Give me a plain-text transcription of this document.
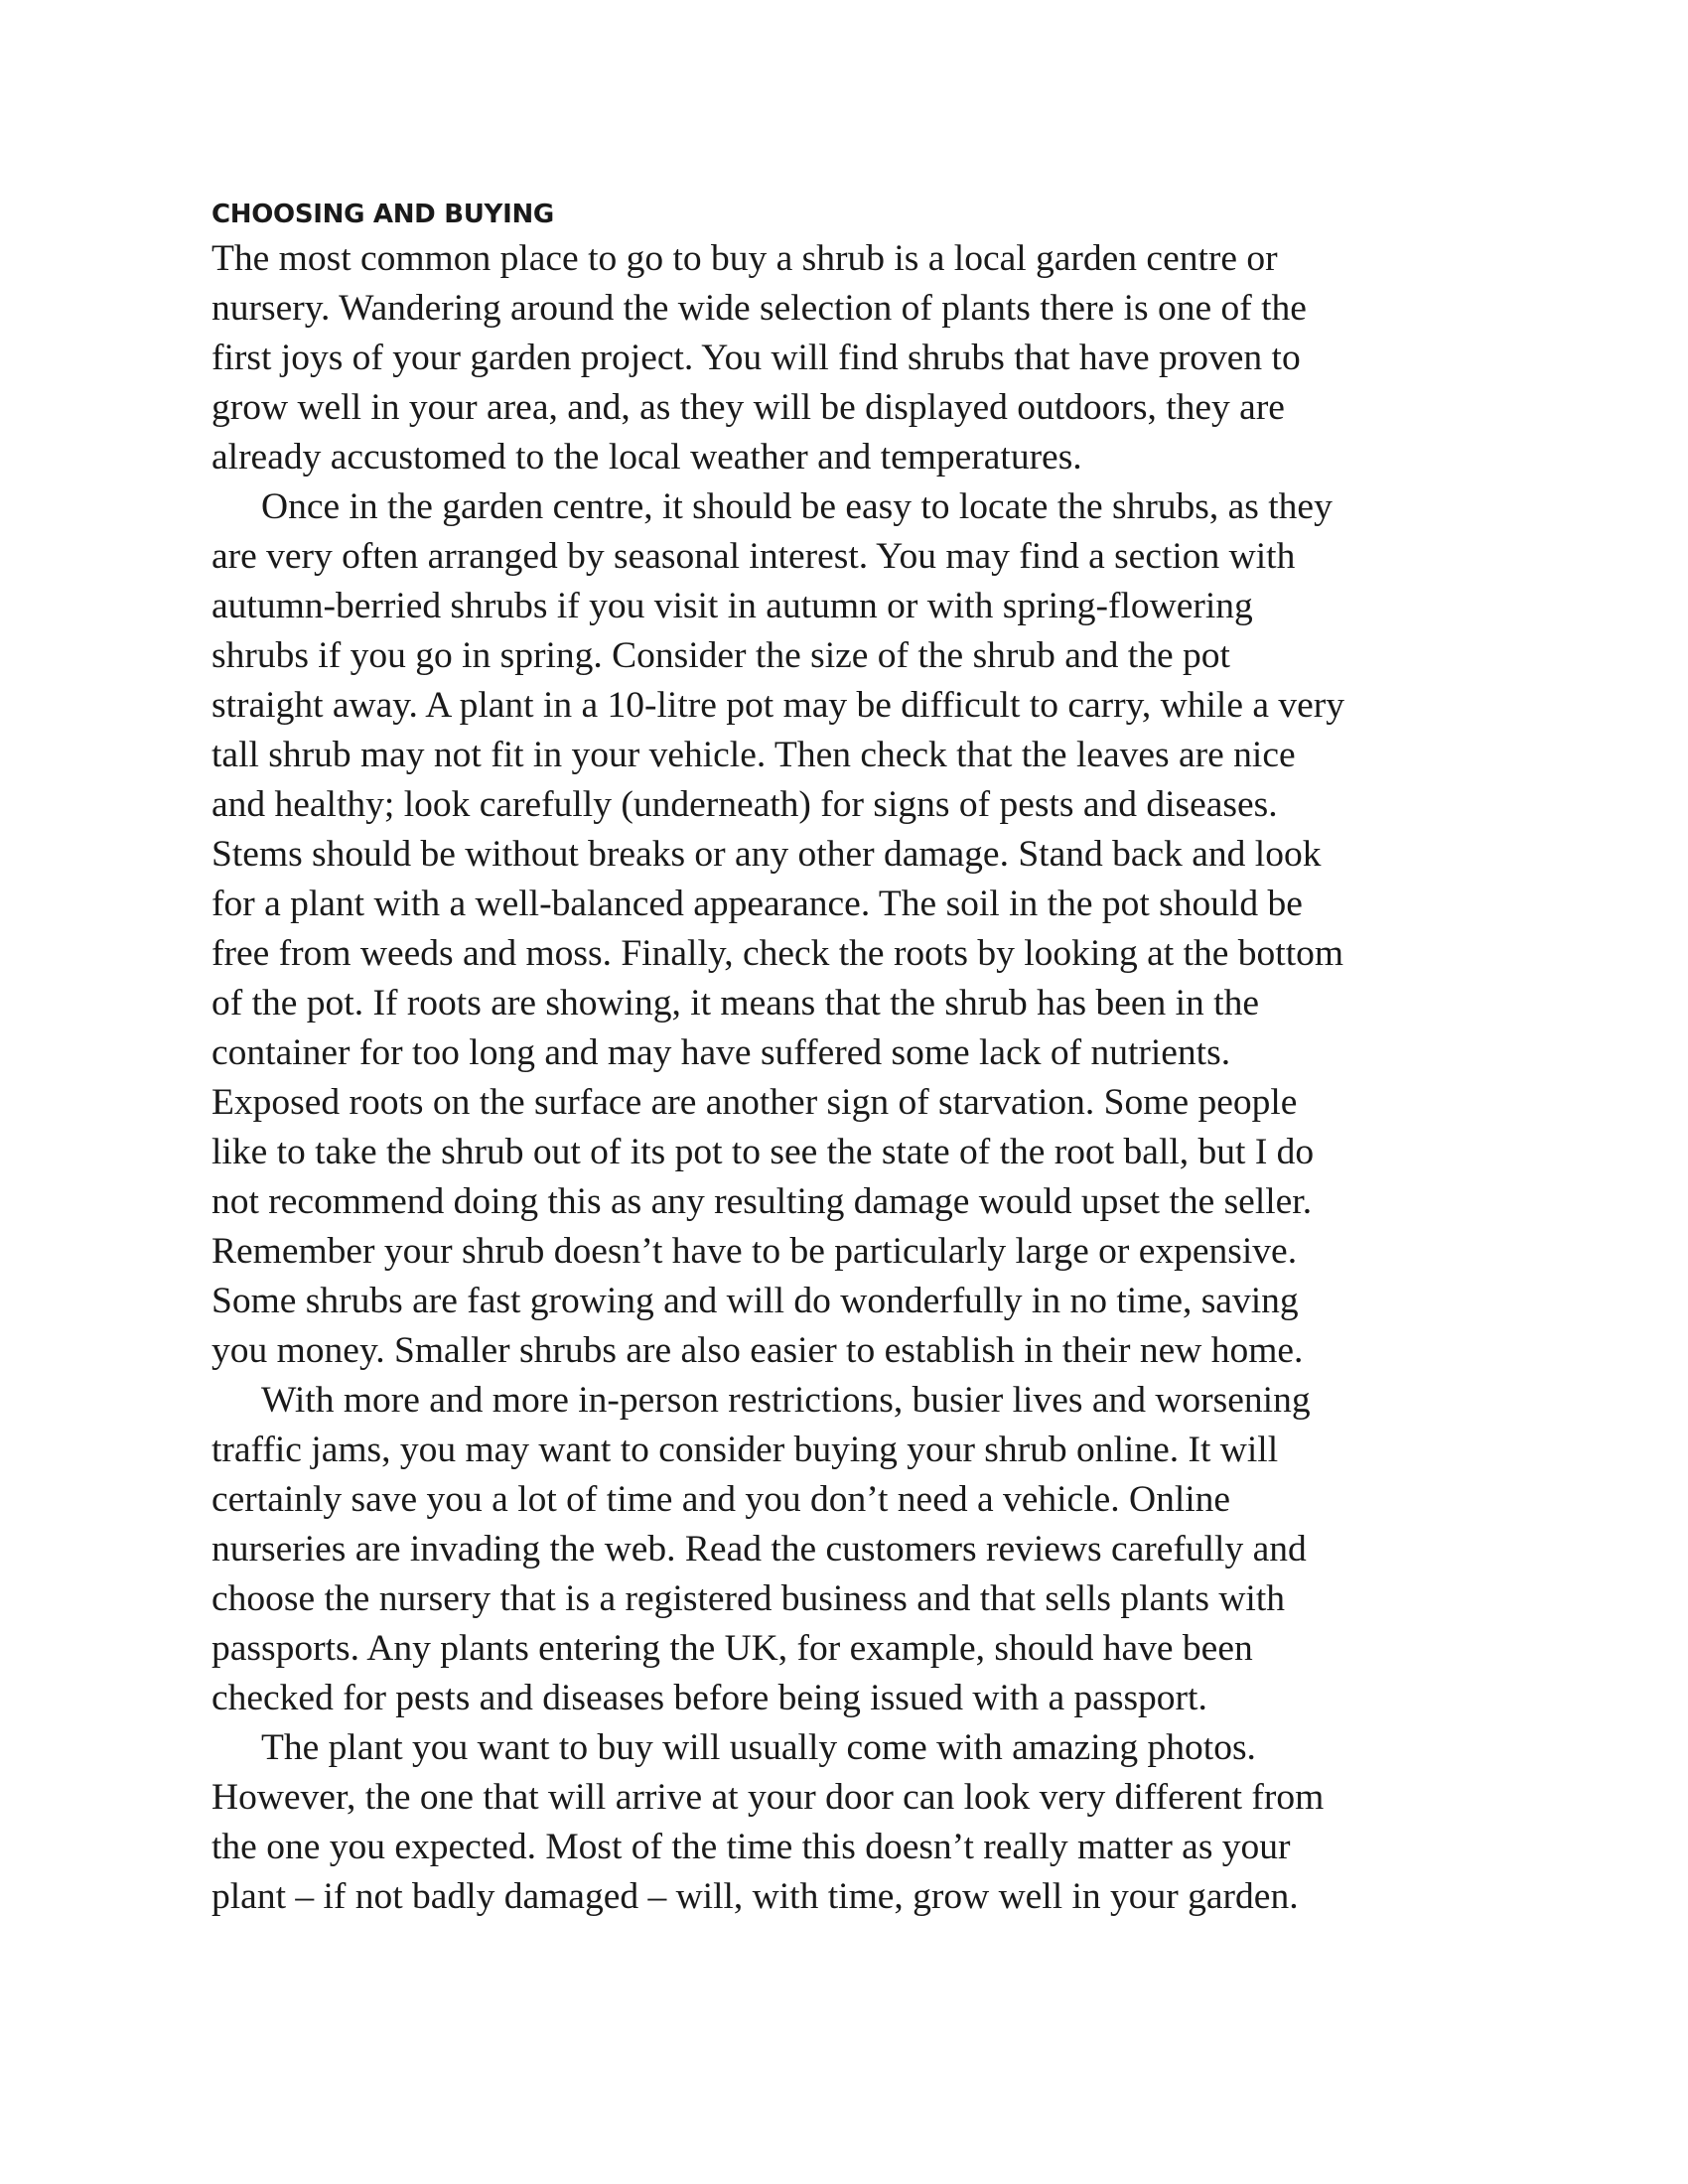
CHOOSING AND BUYING
The most common place to go to buy a shrub is a local garden centre or
nursery. Wandering around the wide selection of plants there is one of the
first joys of your garden project. You will find shrubs that have proven to
grow well in your area, and, as they will be displayed outdoors, they are
already accustomed to the local weather and temperatures.
Once in the garden centre, it should be easy to locate the shrubs, as they
are very often arranged by seasonal interest. You may find a section with
autumn-berried shrubs if you visit in autumn or with spring-flowering
shrubs if you go in spring. Consider the size of the shrub and the pot
straight away. A plant in a 10-litre pot may be difficult to carry, while a very
tall shrub may not fit in your vehicle. Then check that the leaves are nice
and healthy; look carefully (underneath) for signs of pests and diseases.
Stems should be without breaks or any other damage. Stand back and look
for a plant with a well-balanced appearance. The soil in the pot should be
free from weeds and moss. Finally, check the roots by looking at the bottom
of the pot. If roots are showing, it means that the shrub has been in the
container for too long and may have suffered some lack of nutrients.
Exposed roots on the surface are another sign of starvation. Some people
like to take the shrub out of its pot to see the state of the root ball, but I do
not recommend doing this as any resulting damage would upset the seller.
Remember your shrub doesn’t have to be particularly large or expensive.
Some shrubs are fast growing and will do wonderfully in no time, saving
you money. Smaller shrubs are also easier to establish in their new home.
With more and more in-person restrictions, busier lives and worsening
traffic jams, you may want to consider buying your shrub online. It will
certainly save you a lot of time and you don’t need a vehicle. Online
nurseries are invading the web. Read the customers reviews carefully and
choose the nursery that is a registered business and that sells plants with
passports. Any plants entering the UK, for example, should have been
checked for pests and diseases before being issued with a passport.
The plant you want to buy will usually come with amazing photos.
However, the one that will arrive at your door can look very different from
the one you expected. Most of the time this doesn’t really matter as your
plant – if not badly damaged – will, with time, grow well in your garden.
